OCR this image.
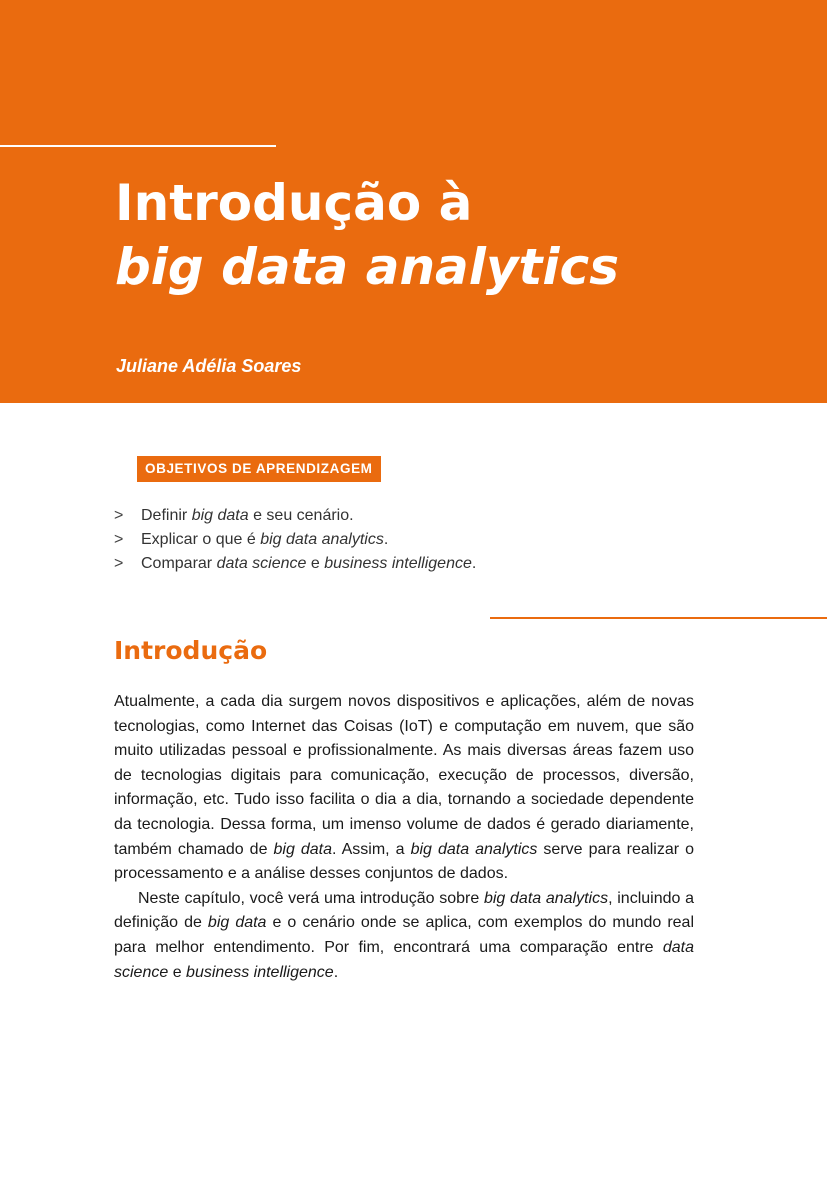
Introdução à
big data analytics
Juliane Adélia Soares
OBJETIVOS DE APRENDIZAGEM
> Definir big data e seu cenário.
> Explicar o que é big data analytics.
> Comparar data science e business intelligence.
Introdução

Atualmente, a cada dia surgem novos dispositivos e aplicações, além de novas tecnologias, como Internet das Coisas (IoT) e computação em nuvem, que são muito utilizadas pessoal e profissionalmente. As mais diversas áreas fazem uso de tecnologias digitais para comunicação, execução de processos, diversão, informação, etc. Tudo isso facilita o dia a dia, tornando a sociedade dependente da tecnologia. Dessa forma, um imenso volume de dados é gerado diariamente, também chamado de big data. Assim, a big data analytics serve para realizar o processamento e a análise desses conjuntos de dados.

Neste capítulo, você verá uma introdução sobre big data analytics, incluindo a definição de big data e o cenário onde se aplica, com exemplos do mundo real para melhor entendimento. Por fim, encontrará uma comparação entre data science e business intelligence.
